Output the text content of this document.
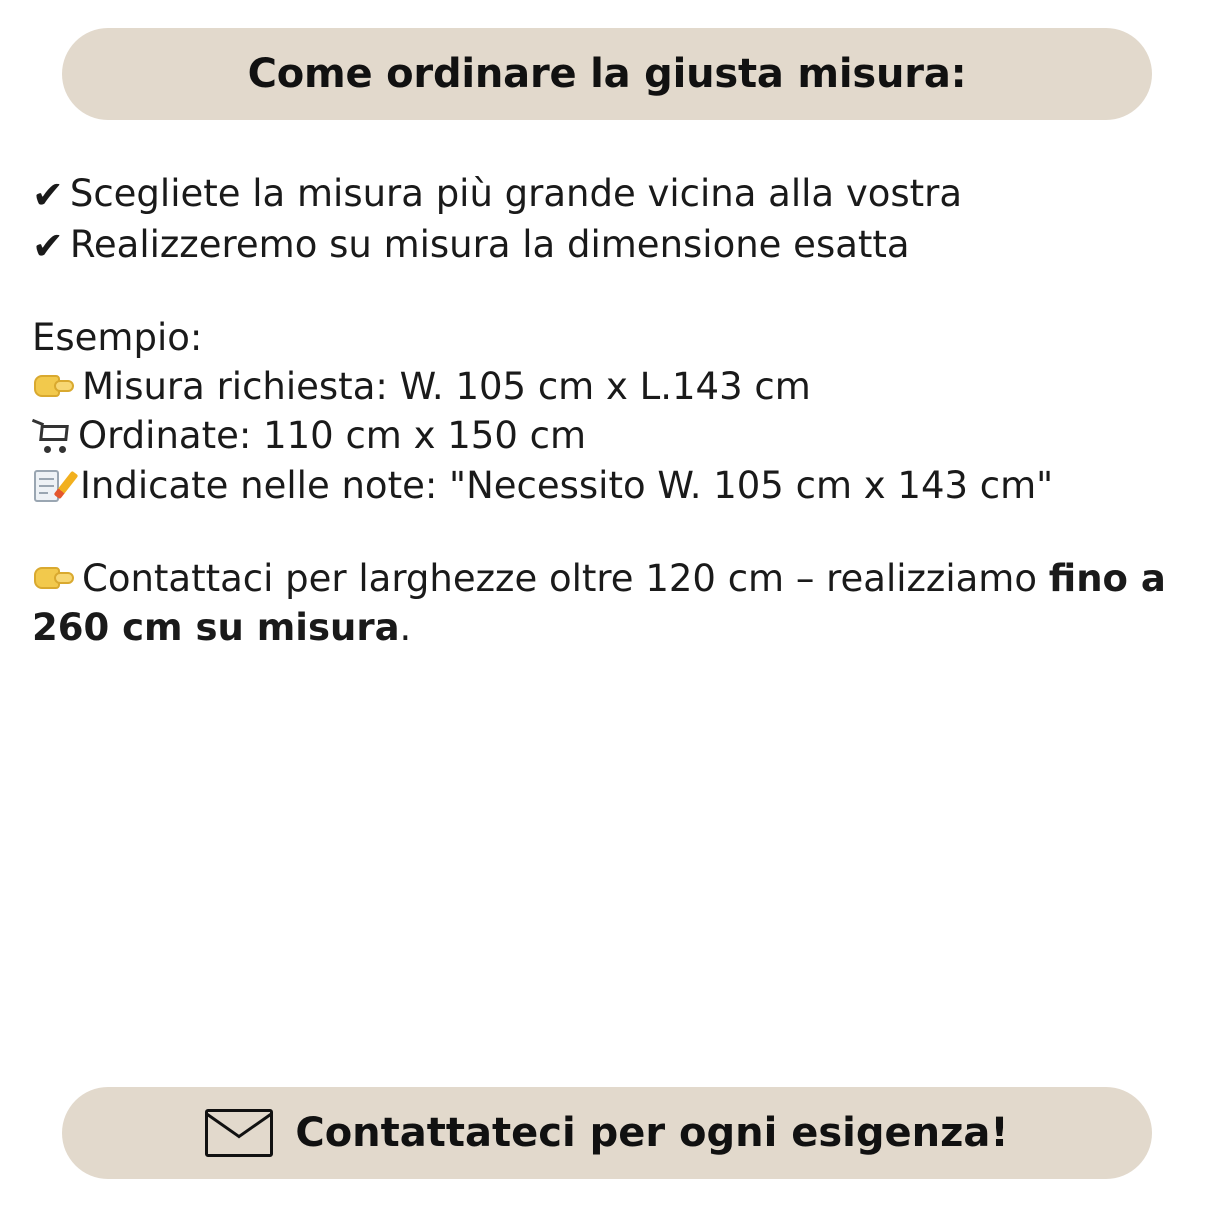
Come ordinare la giusta misura:
✔ Scegliete la misura più grande vicina alla vostra
✔ Realizzeremo su misura la dimensione esatta
Esempio:
Misura richiesta: W. 105 cm x L.143 cm
Ordinate: 110 cm x 150 cm
Indicate nelle note: "Necessito W. 105 cm x 143 cm"
Contattaci per larghezze oltre 120 cm – realizziamo fino a 260 cm su misura.
Contattateci per ogni esigenza!
